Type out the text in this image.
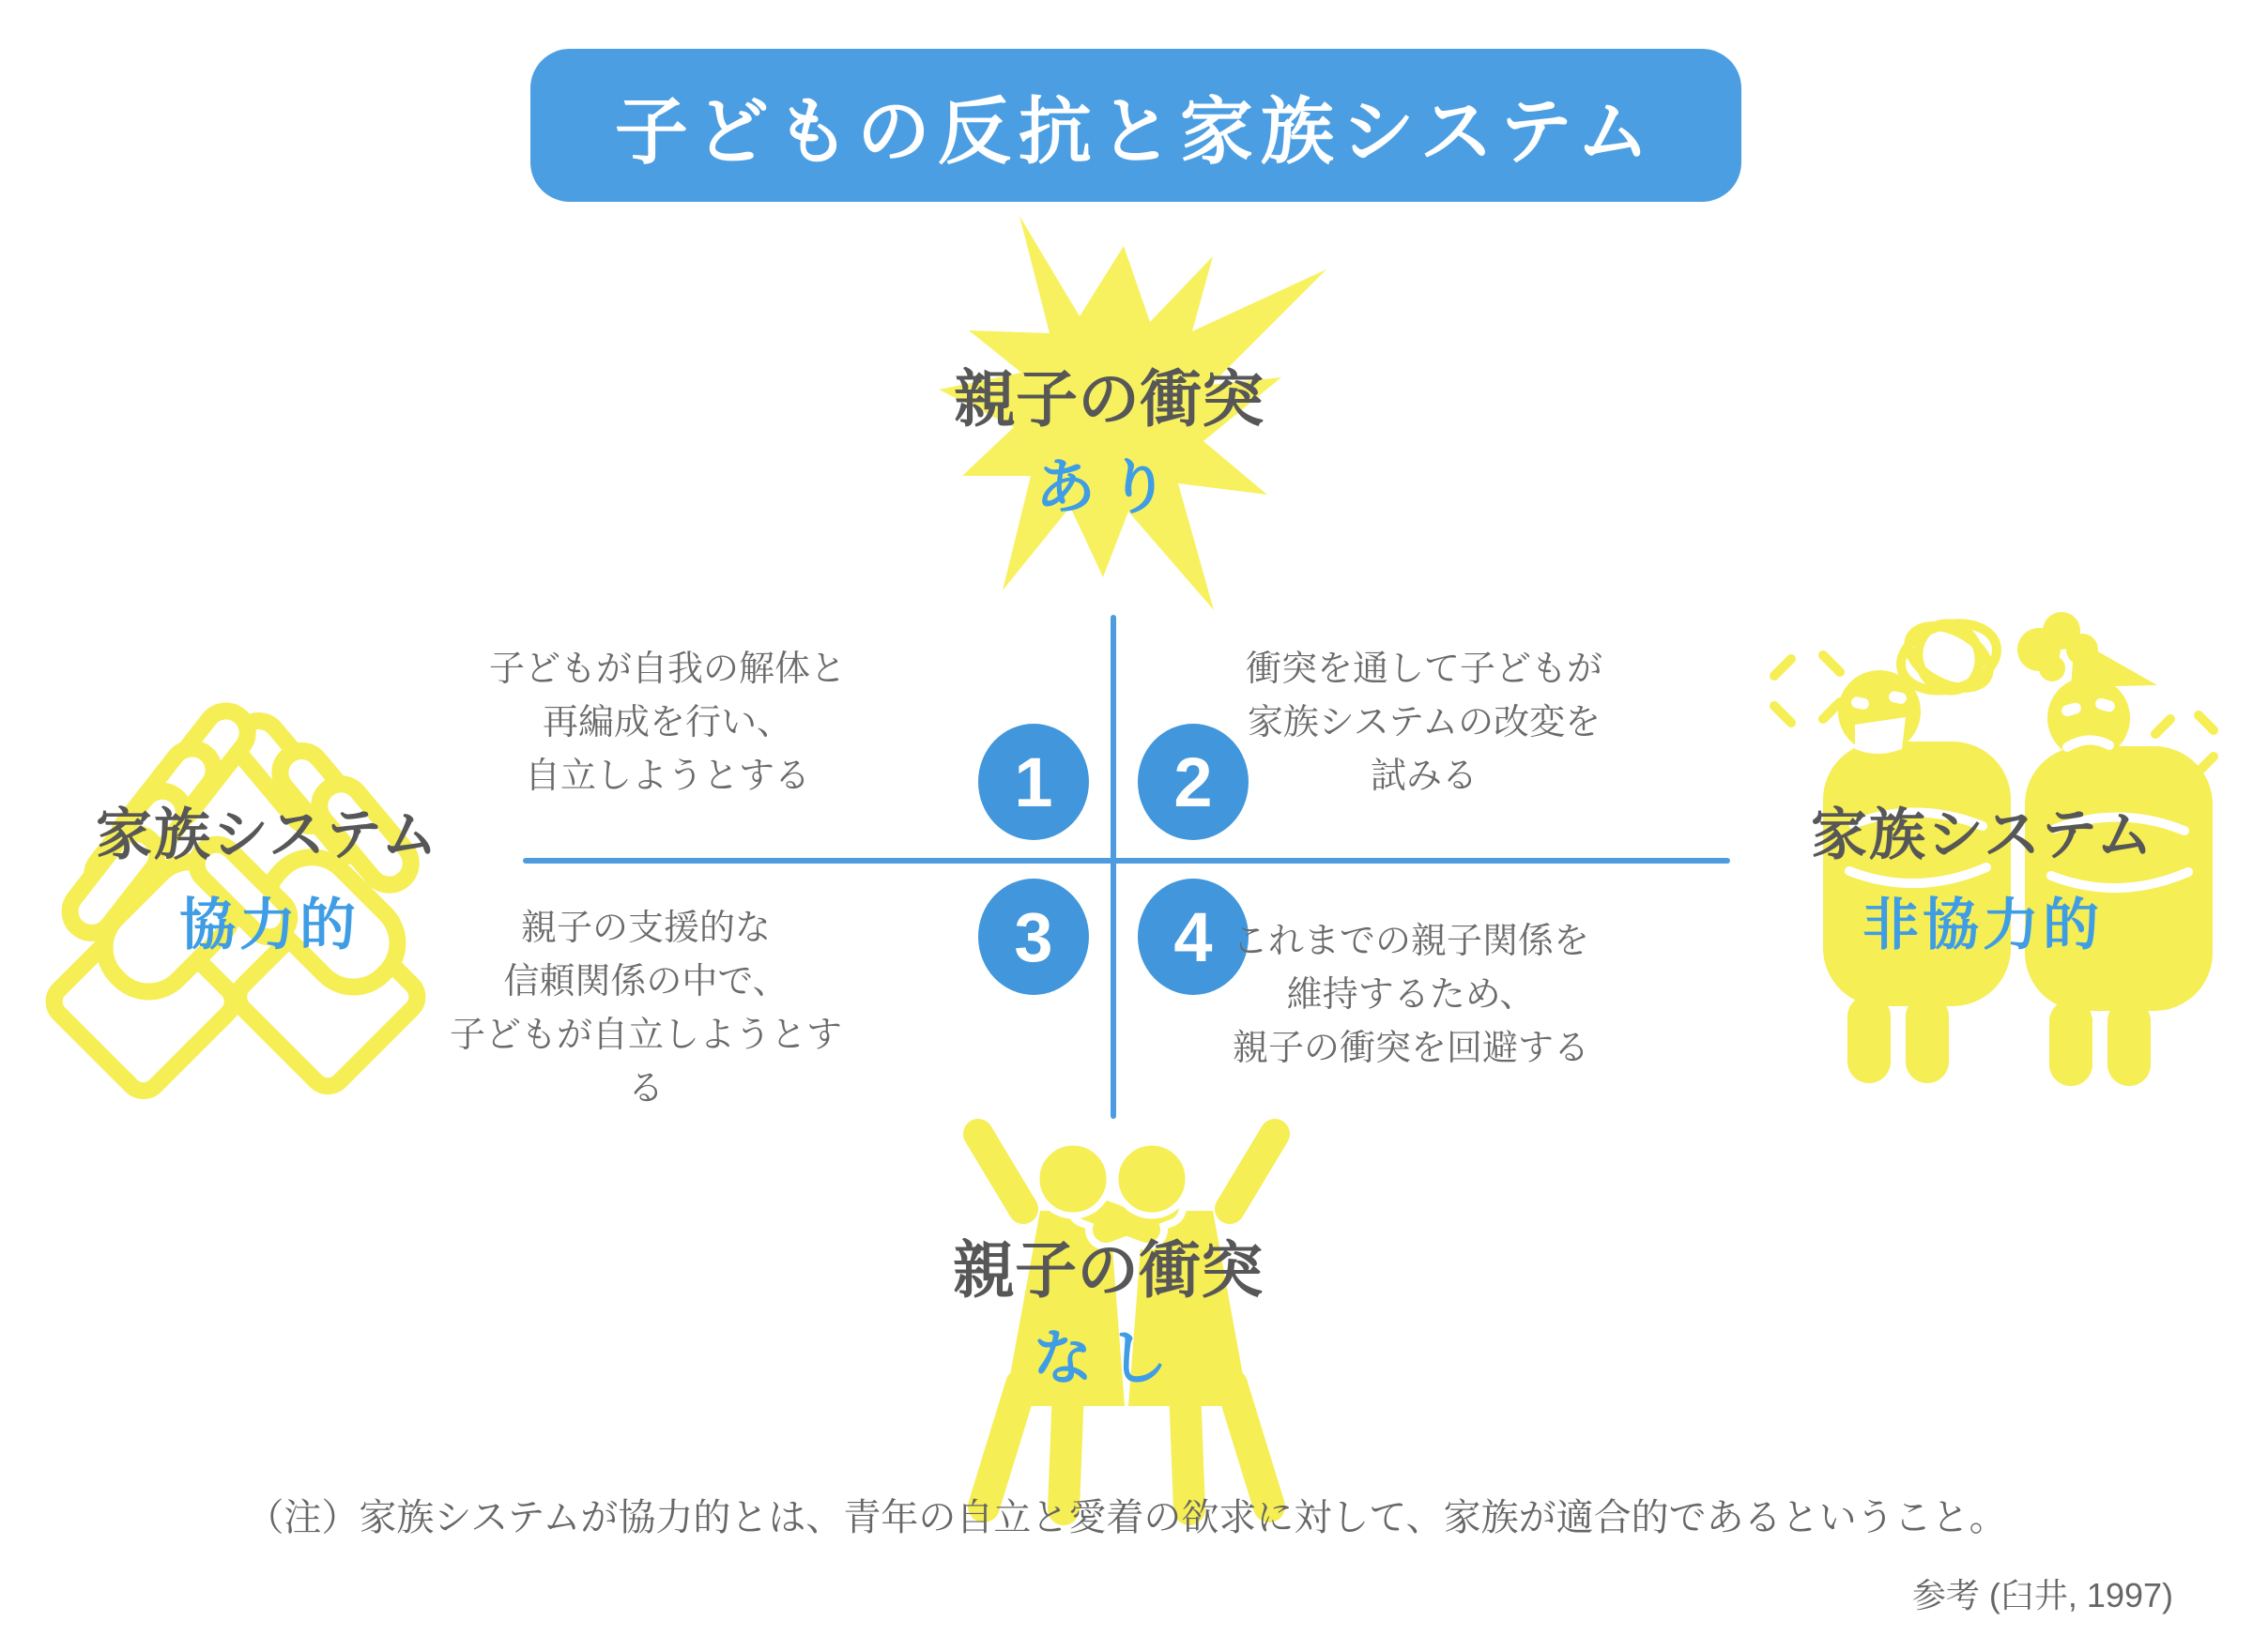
子どもの反抗と家族システム
親子の衝突
あり
1 2
3 4
子どもが自我の解体と
再編成を行い、
自立しようとする
衝突を通して子どもが
家族システムの改変を
試みる
親子の支援的な
信頼関係の中で、
子どもが自立しようとする
これまでの親子関係を
維持するため、
親子の衝突を回避する
家族システム
協力的
家族システム
非協力的
親子の衝突
なし
（注）家族システムが協力的とは、青年の自立と愛着の欲求に対して、家族が適合的であるということ。
参考 (臼井, 1997)
